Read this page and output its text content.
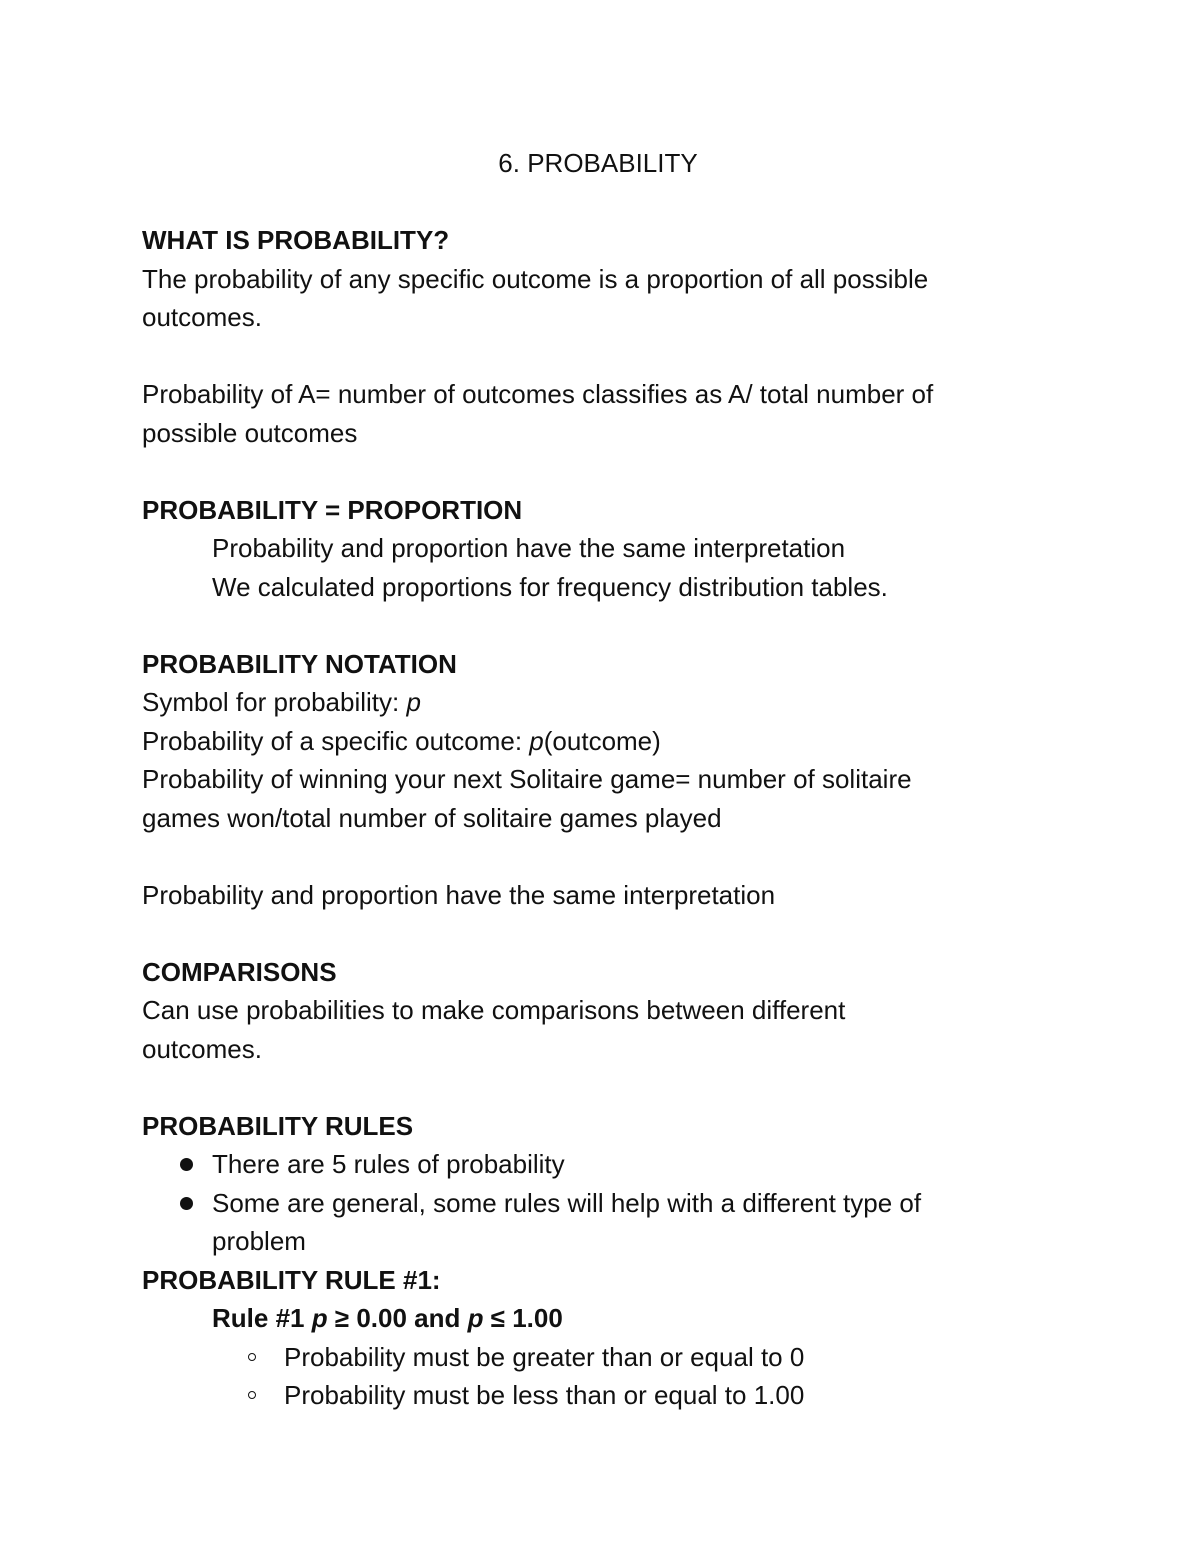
6. PROBABILITY

WHAT IS PROBABILITY?

The probability of any specific outcome is a proportion of all possible

outcomes.

Probability of A= number of outcomes classifies as A/ total number of

possible outcomes

PROBABILITY = PROPORTION

Probability and proportion have the same interpretation

We calculated proportions for frequency distribution tables.

PROBABILITY NOTATION

Symbol for probability: p

Probability of a specific outcome: p(outcome)

Probability of winning your next Solitaire game= number of solitaire

games won/total number of solitaire games played

Probability and proportion have the same interpretation

COMPARISONS

Can use probabilities to make comparisons between different

outcomes.

PROBABILITY RULES

There are 5 rules of probability
Some are general, some rules will help with a different type of
problem

PROBABILITY RULE #1:

Rule #1 p ≥ 0.00 and p ≤ 1.00

Probability must be greater than or equal to 0
Probability must be less than or equal to 1.00
